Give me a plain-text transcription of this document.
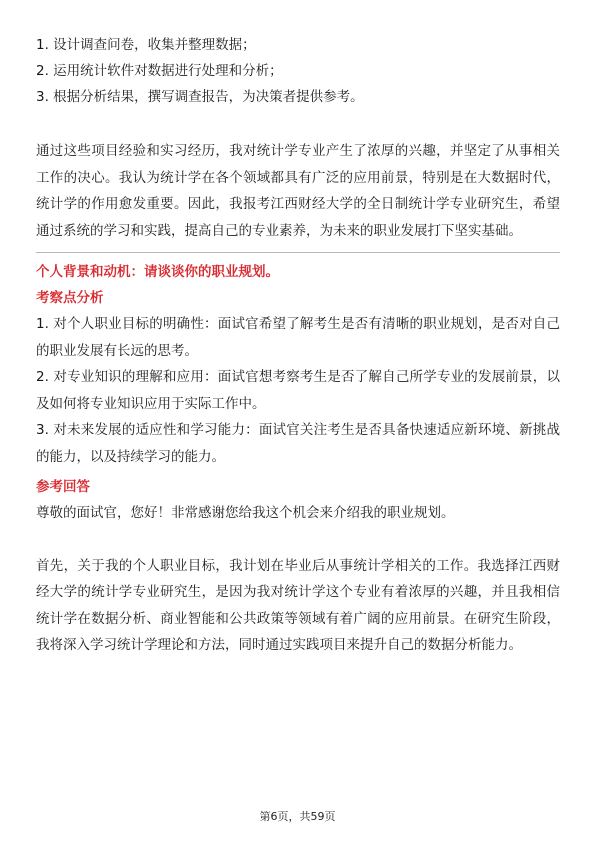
1. 设计调查问卷，收集并整理数据；

2. 运用统计软件对数据进行处理和分析；

3. 根据分析结果，撰写调查报告，为决策者提供参考。

通过这些项目经验和实习经历，我对统计学专业产生了浓厚的兴趣，并坚定了从事相关工作的决心。我认为统计学在各个领域都具有广泛的应用前景，特别是在大数据时代，统计学的作用愈发重要。因此，我报考江西财经大学的全日制统计学专业研究生，希望通过系统的学习和实践，提高自己的专业素养，为未来的职业发展打下坚实基础。

个人背景和动机：请谈谈你的职业规划。

考察点分析

1. 对个人职业目标的明确性：面试官希望了解考生是否有清晰的职业规划，是否对自己的职业发展有长远的思考。

2. 对专业知识的理解和应用：面试官想考察考生是否了解自己所学专业的发展前景，以及如何将专业知识应用于实际工作中。

3. 对未来发展的适应性和学习能力：面试官关注考生是否具备快速适应新环境、新挑战的能力，以及持续学习的能力。

参考回答

尊敬的面试官，您好！非常感谢您给我这个机会来介绍我的职业规划。

首先，关于我的个人职业目标，我计划在毕业后从事统计学相关的工作。我选择江西财经大学的统计学专业研究生，是因为我对统计学这个专业有着浓厚的兴趣，并且我相信统计学在数据分析、商业智能和公共政策等领域有着广阔的应用前景。在研究生阶段，我将深入学习统计学理论和方法，同时通过实践项目来提升自己的数据分析能力。

第6页，共59页
